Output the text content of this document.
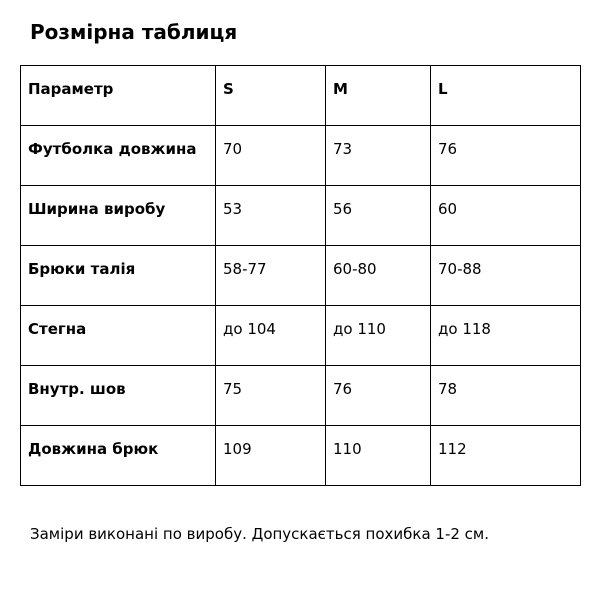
Розмірна таблиця
Параметр	S	M	L

Футболка довжина	70	73	76

Ширина виробу	53	56	60

Брюки талія	58-77	60-80	70-88

Стегна	до 104	до 110	до 118

Внутр. шов	75	76	78

Довжина брюк	109	110	112
Заміри виконані по виробу. Допускається похибка 1-2 см.
